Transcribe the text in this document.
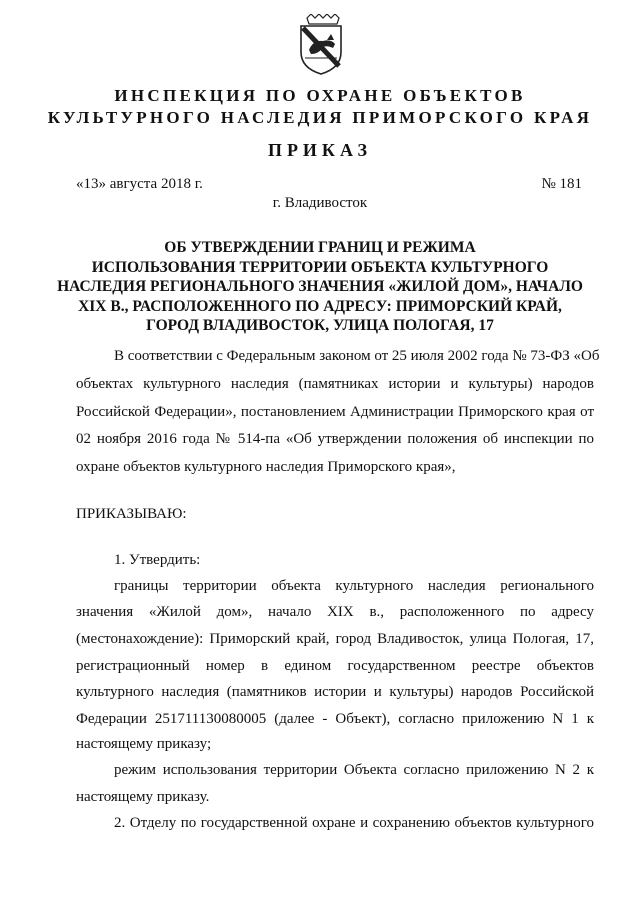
ИНСПЕКЦИЯ ПО ОХРАНЕ ОБЪЕКТОВ
КУЛЬТУРНОГО НАСЛЕДИЯ ПРИМОРСКОГО КРАЯ
ПРИКАЗ
«13» августа 2018 г.	№ 181
г. Владивосток
ОБ УТВЕРЖДЕНИИ ГРАНИЦ И РЕЖИМА
ИСПОЛЬЗОВАНИЯ ТЕРРИТОРИИ ОБЪЕКТА КУЛЬТУРНОГО
НАСЛЕДИЯ РЕГИОНАЛЬНОГО ЗНАЧЕНИЯ «ЖИЛОЙ ДОМ», НАЧАЛО
XIX В., РАСПОЛОЖЕННОГО ПО АДРЕСУ: ПРИМОРСКИЙ КРАЙ,
ГОРОД ВЛАДИВОСТОК, УЛИЦА ПОЛОГАЯ, 17
В соответствии с Федеральным законом от 25 июля 2002 года № 73-ФЗ «Об
объектах культурного наследия (памятниках истории и культуры) народов
Российской Федерации», постановлением Администрации Приморского края от
02 ноября 2016 года № 514-па «Об утверждении положения об инспекции по
охране объектов культурного наследия Приморского края»,
ПРИКАЗЫВАЮ:
1. Утвердить:
границы территории объекта культурного наследия регионального
значения «Жилой дом», начало XIX в., расположенного по адресу
(местонахождение): Приморский край, город Владивосток, улица Пологая, 17,
регистрационный номер в едином государственном реестре объектов
культурного наследия (памятников истории и культуры) народов Российской
Федерации 251711130080005 (далее - Объект), согласно приложению N 1 к
настоящему приказу;
режим использования территории Объекта согласно приложению N 2 к
настоящему приказу.
2. Отделу по государственной охране и сохранению объектов культурного
